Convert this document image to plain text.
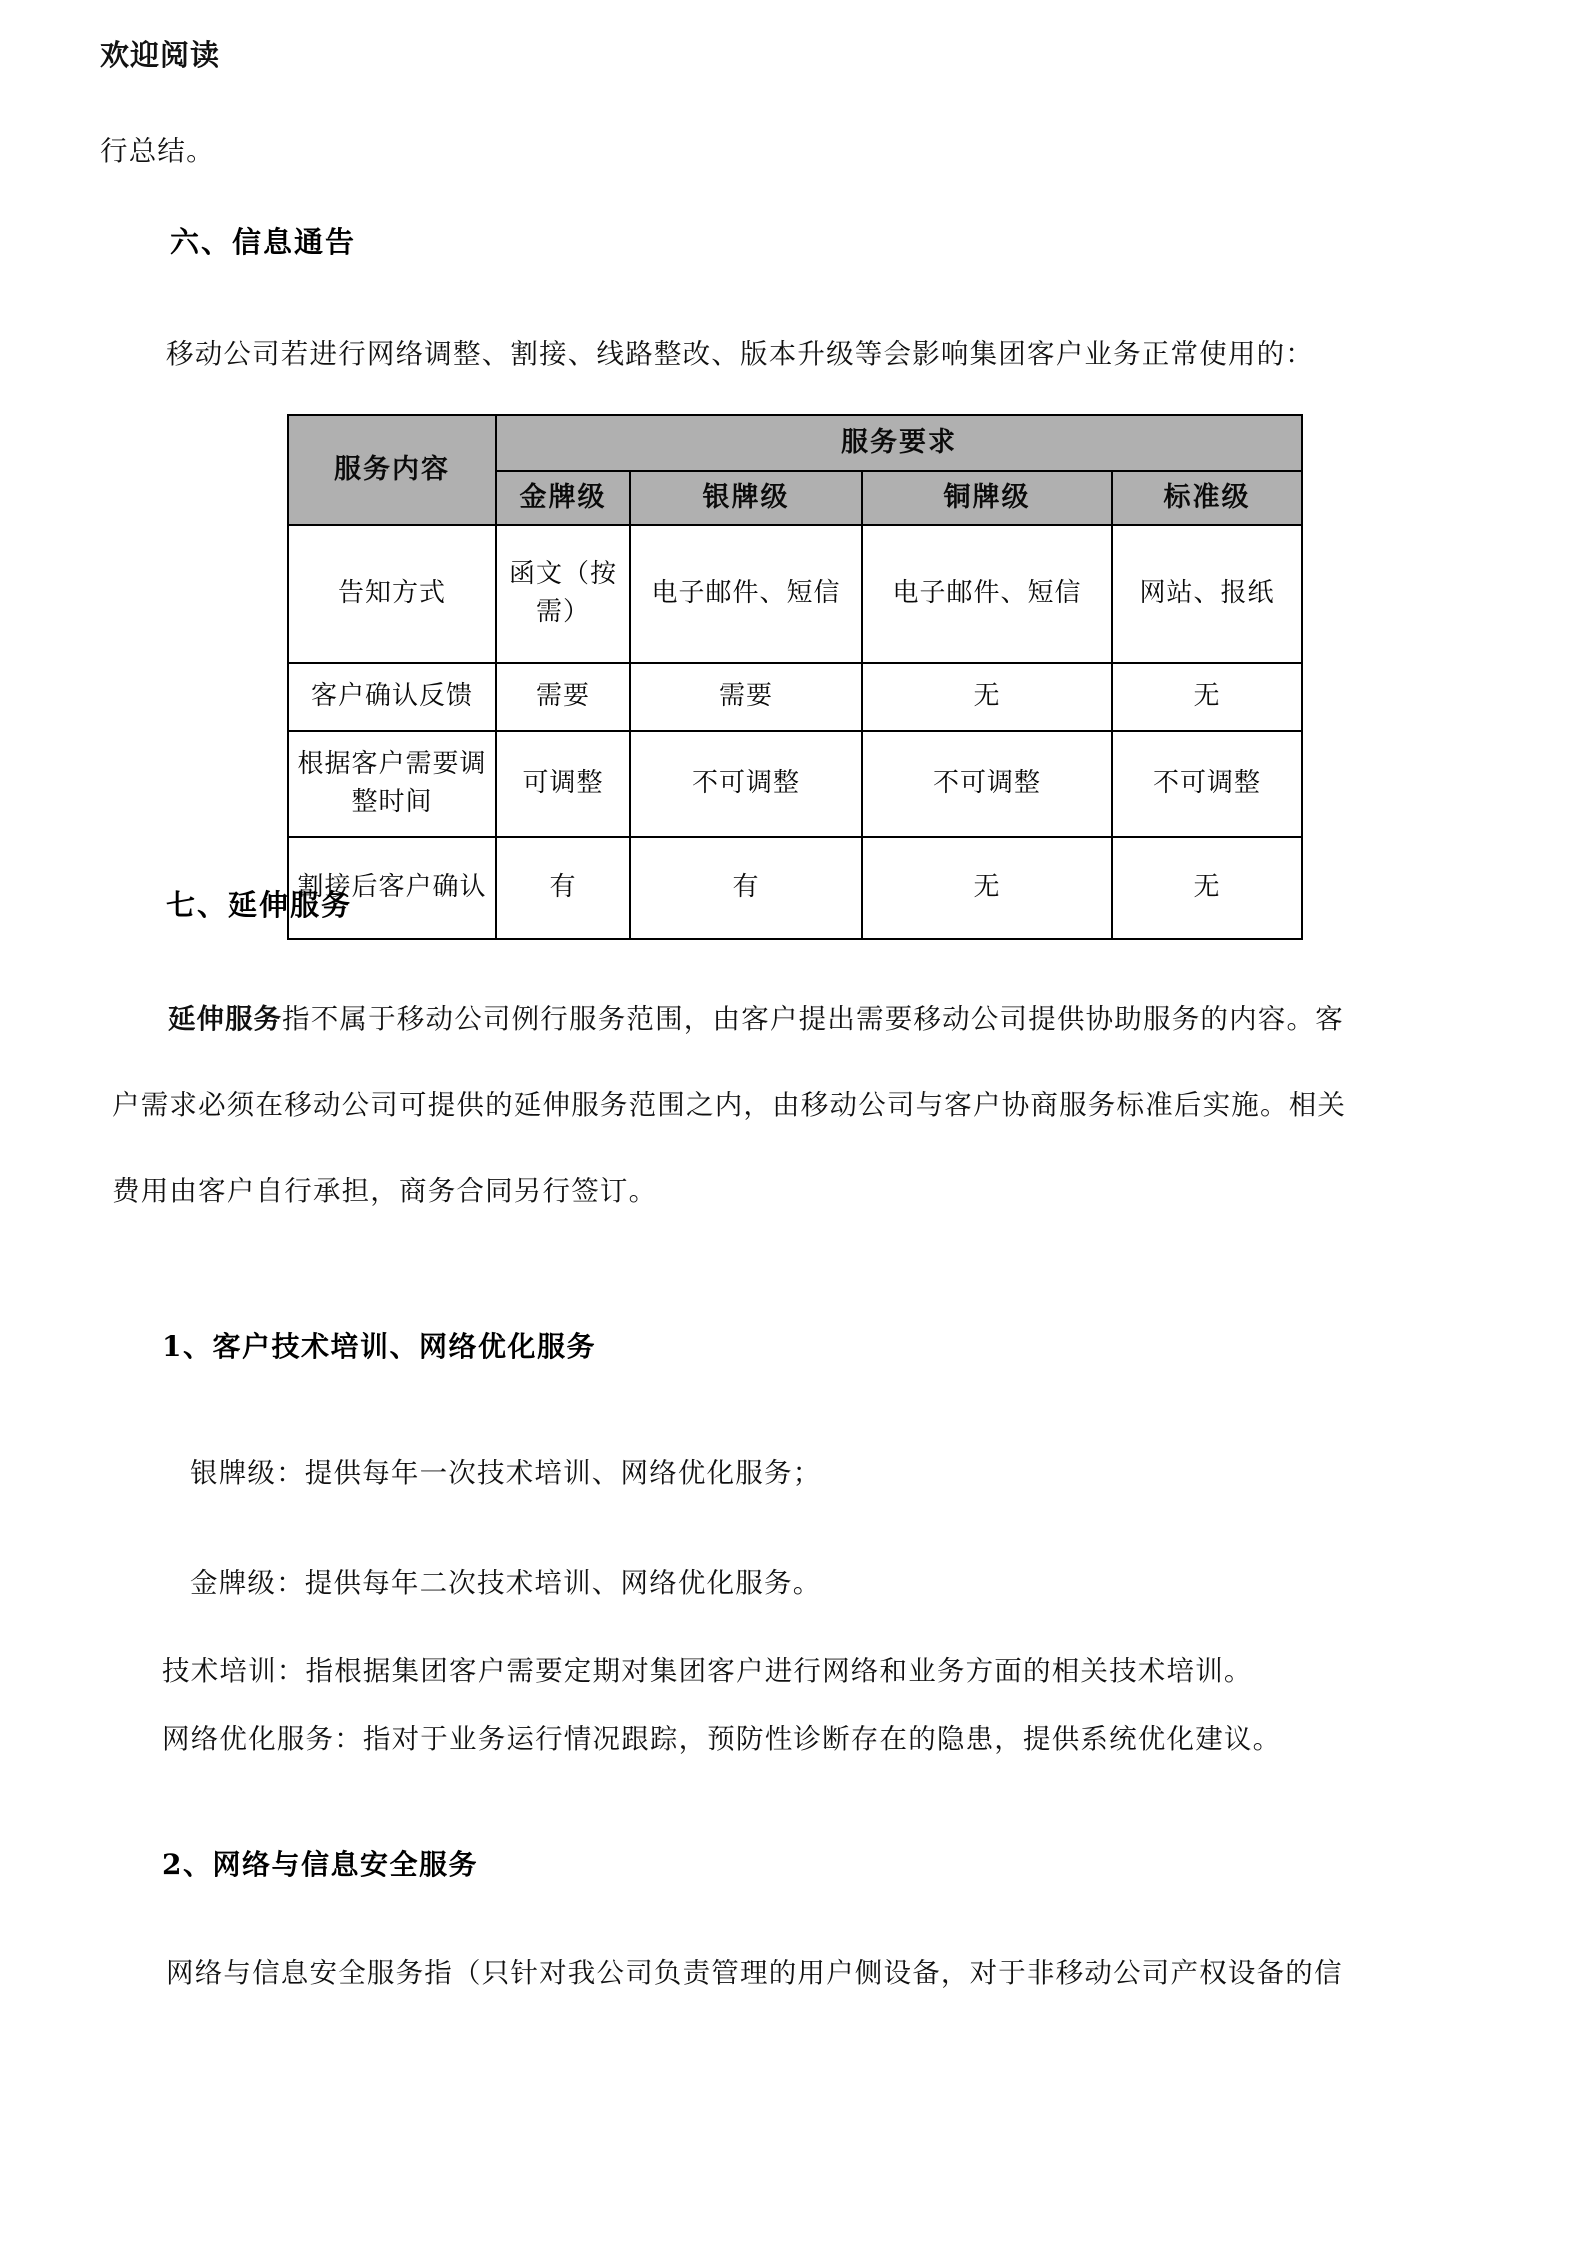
欢迎阅读
行总结。
六、信息通告
移动公司若进行网络调整、割接、线路整改、版本升级等会影响集团客户业务正常使用的：
服务内容	服务要求			
	金牌级	银牌级	铜牌级	标准级
告知方式	函文（按需）	电子邮件、短信	电子邮件、短信	网站、报纸
客户确认反馈	需要	需要	无	无
根据客户需要调整时间	可调整	不可调整	不可调整	不可调整
割接后客户确认	有	有	无	无
七、延伸服务
延伸服务指不属于移动公司例行服务范围，由客户提出需要移动公司提供协助服务的内容。客
户需求必须在移动公司可提供的延伸服务范围之内，由移动公司与客户协商服务标准后实施。相关
费用由客户自行承担，商务合同另行签订。
1、客户技术培训、网络优化服务
银牌级：提供每年一次技术培训、网络优化服务；
金牌级：提供每年二次技术培训、网络优化服务。
技术培训：指根据集团客户需要定期对集团客户进行网络和业务方面的相关技术培训。
网络优化服务：指对于业务运行情况跟踪，预防性诊断存在的隐患，提供系统优化建议。
2、网络与信息安全服务
网络与信息安全服务指（只针对我公司负责管理的用户侧设备，对于非移动公司产权设备的信
